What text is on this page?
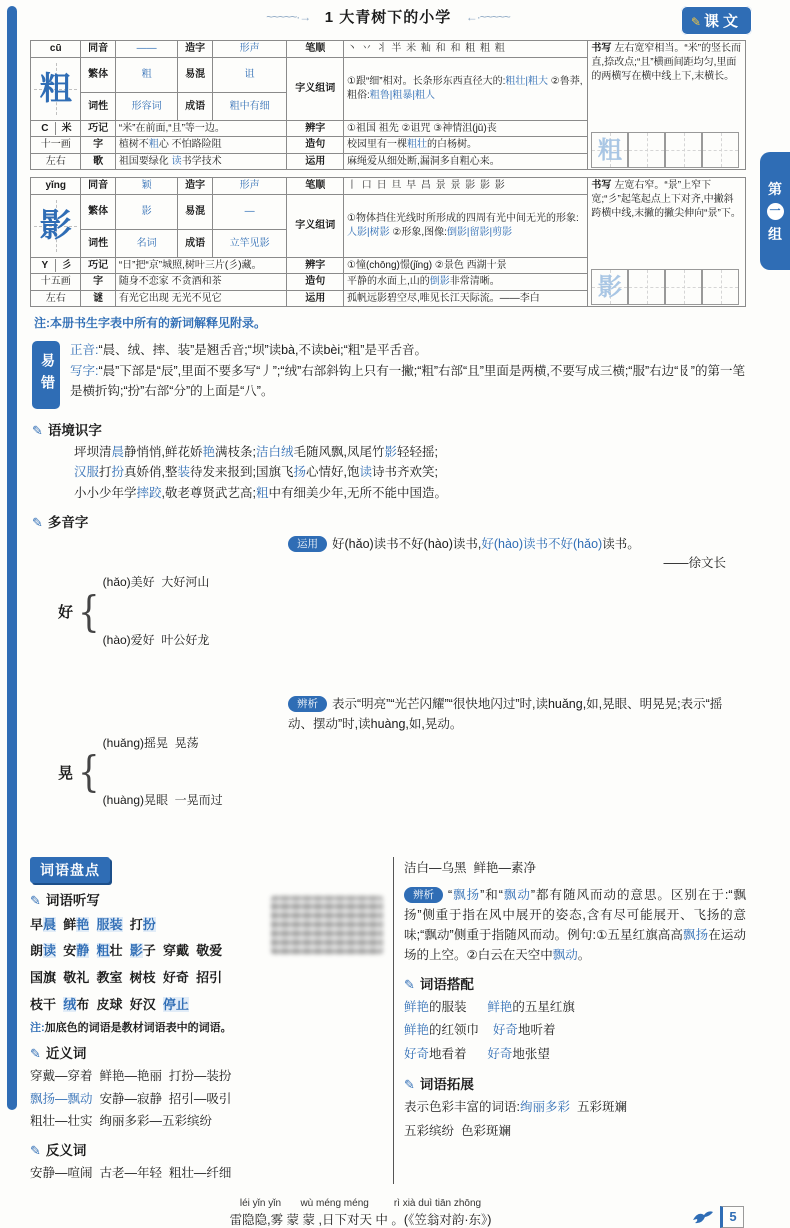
第
一
组
~~~~~·→ 1 大青树下的小学 ←·~~~~~	✎ 课文
cū	同音	——	造字	形声	笔顺	丶 丷 丬 半 米 籼 和 和 粗 粗 粗	书写 左右宽窄相当。“米”的竖长而直,捺改点;“且”横画间距均匀,里面的两横写在横中线上下,末横长。
粗

粗	繁体	粗	易混	诅	字义组词	①跟“细”相对。长条形东西直径大的:粗壮|粗大 ②鲁莽,粗俗:粗鲁|粗暴|粗人	
	词性	形容词	成语	粗中有细			
C 米	巧记	“米”在前面,“且”等一边。			辨字	①祖国 祖先 ②诅咒 ③神情沮(jǔ)丧	
十一画	字	植树不粗心 不怕路险阻			造句	校园里有一棵粗壮的白杨树。	
左右	歌	祖国要绿化 读书学技术			运用	麻绳爱从细处断,漏洞多自粗心来。	
yǐng	同音	颖	造字	形声	笔顺	丨 口 日 旦 早 昌 景 景 影 影 影	书写 左宽右窄。“景”上窄下宽;“彡”起笔起点上下对齐,中撇斜跨横中线,末撇的撇尖伸向“景”下。
影

影	繁体	影	易混	—	字义组词	①物体挡住光线时所形成的四周有光中间无光的形象:人影|树影 ②形象,图像:倒影|留影|剪影	
	词性	名词	成语	立竿见影			
Y 彡	巧记	“日”把“京”城照,树叶三片(彡)藏。			辨字	①憧(chōng)憬(jǐng) ②景色 西湖十景	
十五画	字	随身不恋家 不贪酒和茶			造句	平静的水面上,山的倒影非常清晰。	
左右	谜	有光它出现 无光不见它			运用	孤帆远影碧空尽,唯见长江天际流。——李白	

注:本册书生字表中所有的新词解释见附录。

易错

正音:“晨、绒、摔、装”是翘舌音;“坝”读bà,不读bèi;“粗”是平舌音。

写字:“晨”下部是“辰”,里面不要多写“丿”;“绒”右部斜钩上只有一撇;“粗”右部“且”里面是两横,不要写成三横;“服”右边“𠬝”的第一笔是横折钩;“扮”右部“分”的上面是“八”。

✎ 语境识字

坪坝清晨静悄悄,鲜花娇艳满枝条;洁白绒毛随风飘,凤尾竹影轻轻摇;

汉服打扮真娇俏,整装待发来报到;国旗飞扬心情好,饱读诗书齐欢笑;

小小少年学摔跤,敬老尊贤武艺高;粗中有细美少年,无所不能中国造。

✎ 多音字
好 {

(hǎo)美好  大好河山

(hào)爱好  叶公好龙

运用 好(hǎo)读书不好(hào)读书,好(hào)读书不好(hǎo)读书。
——徐文长
晃 {

(huǎng)摇晃  晃荡

(huàng)晃眼  一晃而过

辨析 表示“明亮”“光芒闪耀”“很快地闪过”时,读huǎng,如,晃眼、明晃晃;表示“摇动、摆动”时,读huàng,如,晃动。
词语盘点
✎ 词语听写

早晨  鲜艳 服装  打扮

朗读  安静 粗壮  影子  穿戴  敬爱

国旗  敬礼  教室  树枝  好奇  招引

枝干  绒布  皮球  好汉  停止

注:加底色的词语是教材词语表中的词语。

✎ 近义词

穿戴—穿着  鲜艳—艳丽  打扮—装扮

飘扬—飘动  安静—寂静  招引—吸引

粗壮—壮实  绚丽多彩—五彩缤纷

✎ 反义词

安静—喧闹  古老—年轻  粗壮—纤细

洁白—乌黑  鲜艳—素净

辨析 “飘扬”和“飘动”都有随风而动的意思。区别在于:“飘扬”侧重于指在风中展开的姿态,含有尽可能展开、飞扬的意味;“飘动”侧重于指随风而动。例句:①五星红旗高高飘扬在运动场的上空。②白云在天空中飘动。

✎ 词语搭配

鲜艳的服装      鲜艳的五星红旗

鲜艳的红领巾    好奇地听着

好奇地看着      好奇地张望

✎ 词语拓展

表示色彩丰富的词语:绚丽多彩  五彩斑斓

五彩缤纷  色彩斑斓

léi yǐn yǐn       wù méng méng         rì xià duì tiān zhōng
雷隐隐,雾 蒙 蒙 ,日下对天 中 。(《笠翁对韵·东》)	5
